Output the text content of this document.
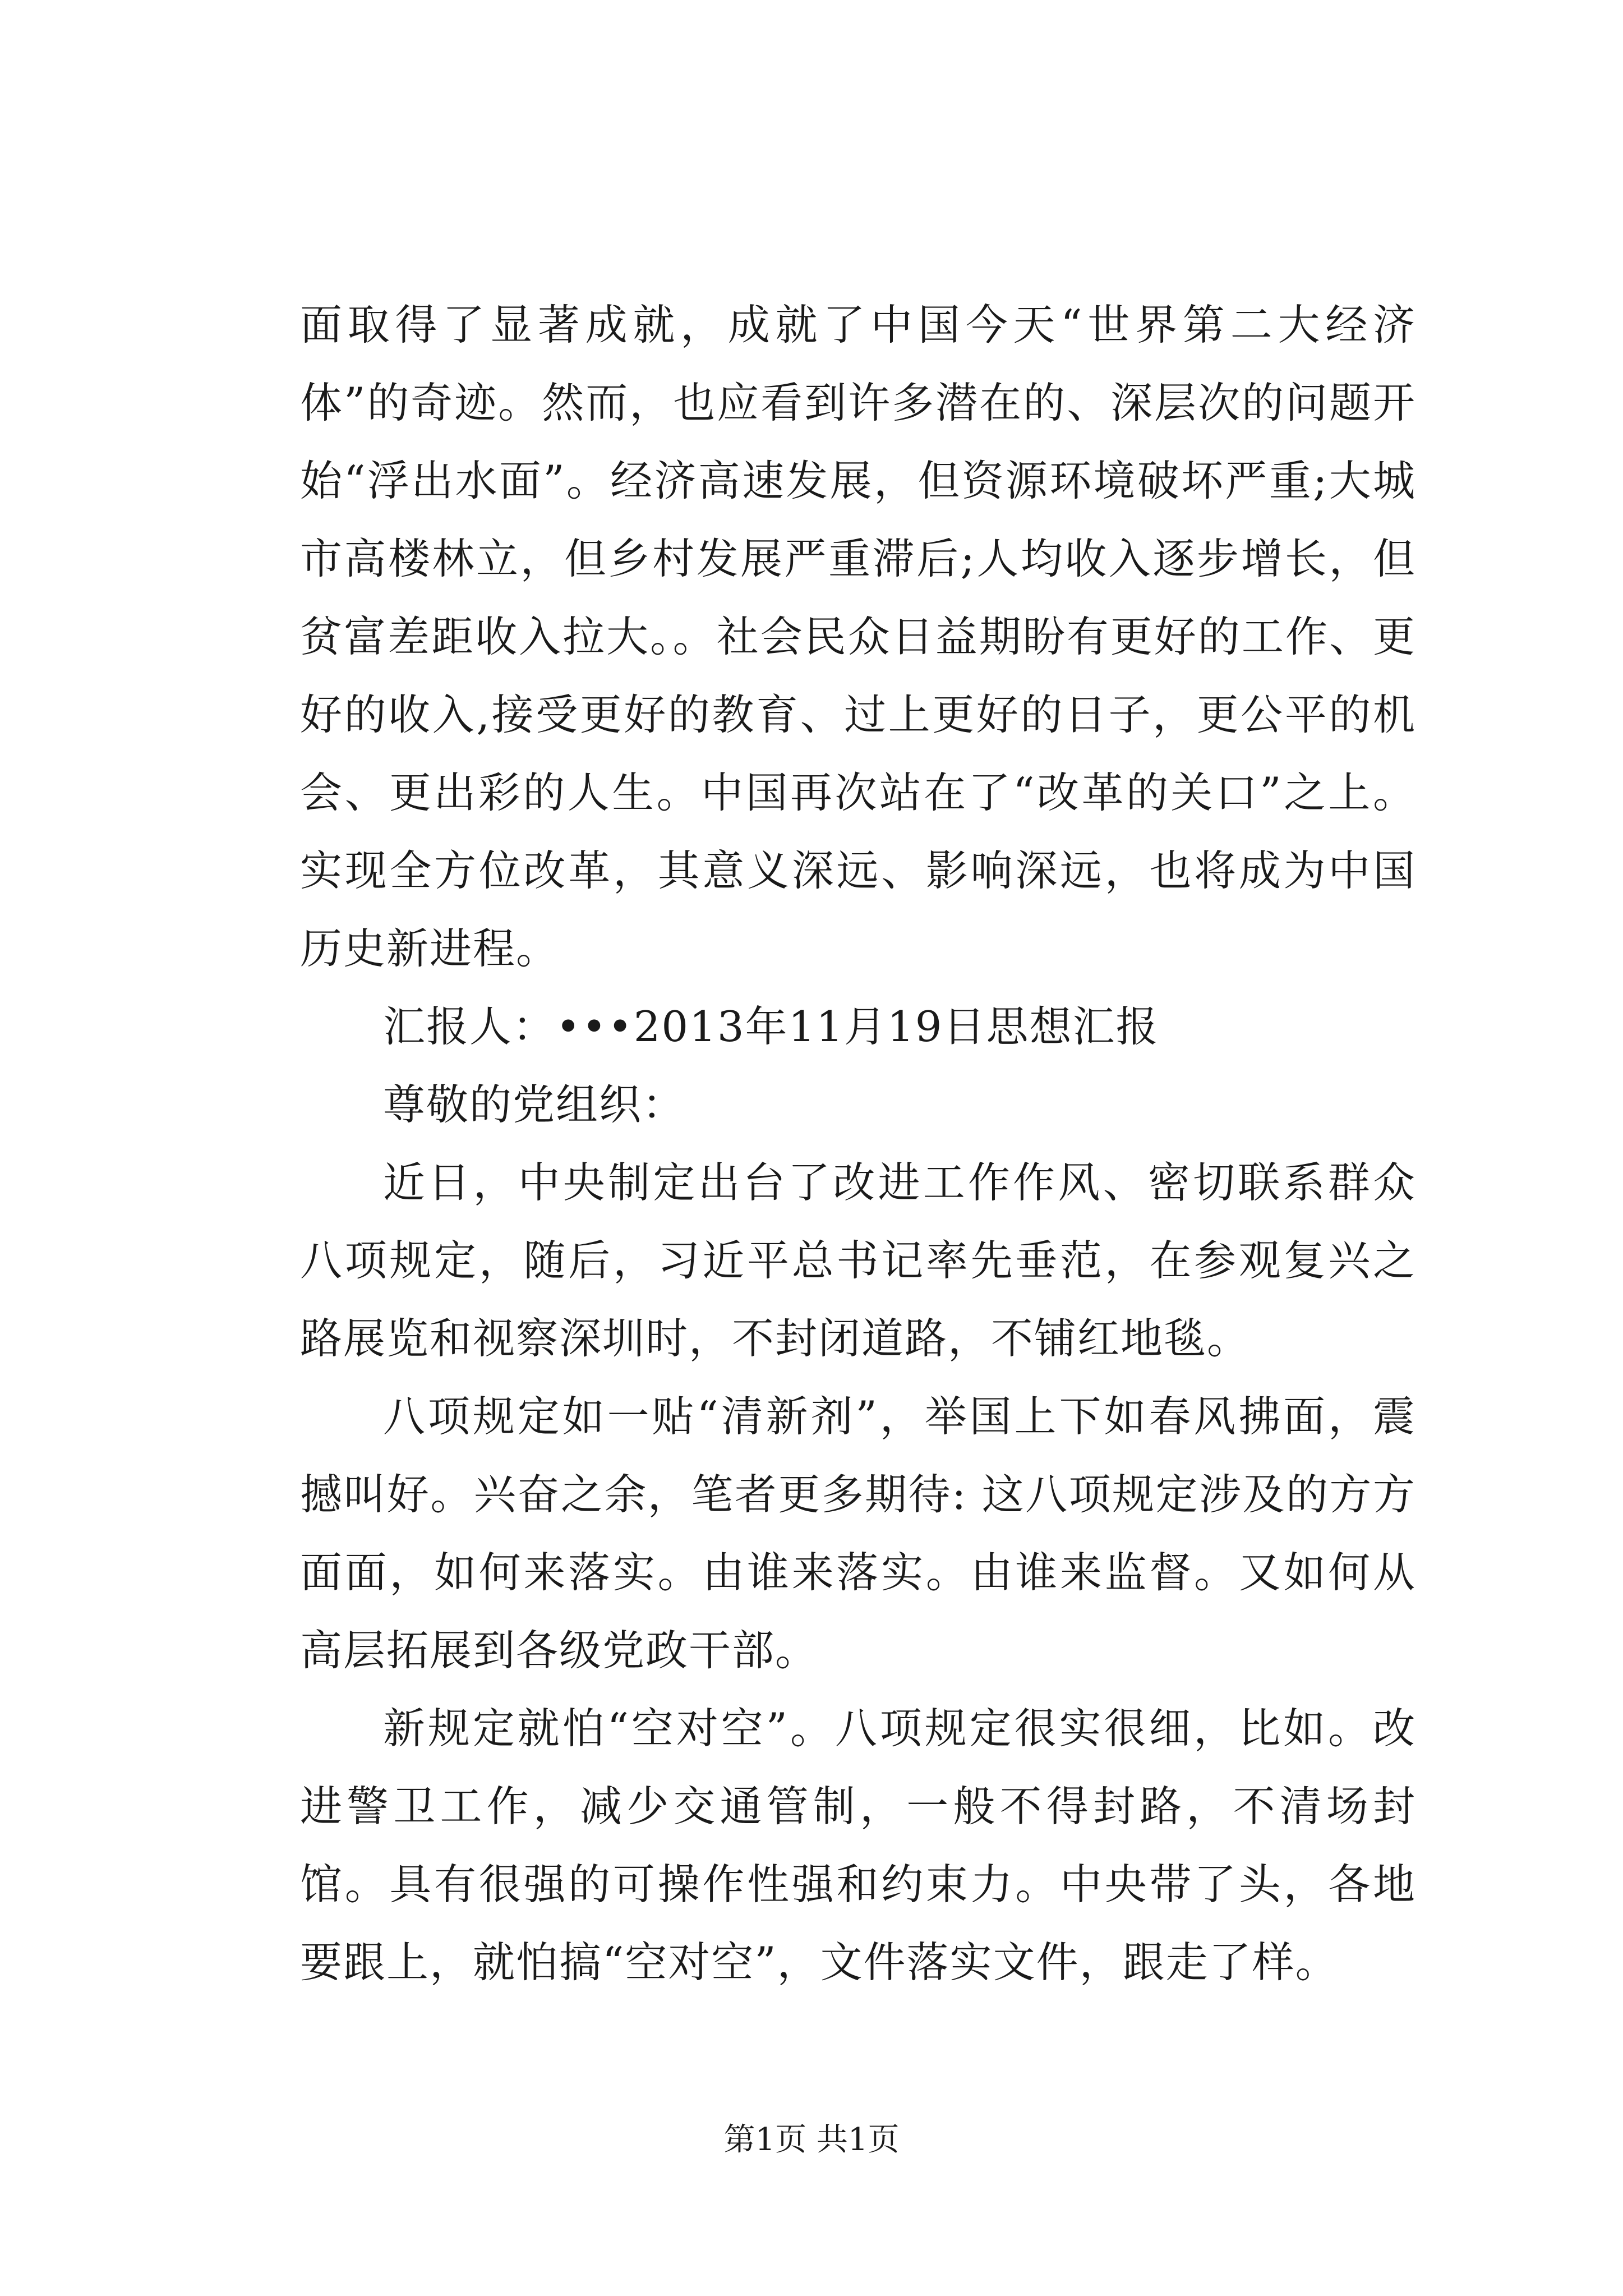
面取得了显著成就，成就了中国今天“世界第二大经济体”的奇迹。然而，也应看到许多潜在的、深层次的问题开始“浮出水面”。经济高速发展，但资源环境破坏严重;大城市高楼林立，但乡村发展严重滞后;人均收入逐步增长，但贫富差距收入拉大。。社会民众日益期盼有更好的工作、更好的收入,接受更好的教育、过上更好的日子，更公平的机会、更出彩的人生。中国再次站在了“改革的关口”之上。实现全方位改革，其意义深远、影响深远，也将成为中国历史新进程。

汇报人：•••2013年11月19日思想汇报

尊敬的党组织：

近日，中央制定出台了改进工作作风、密切联系群众八项规定，随后，习近平总书记率先垂范，在参观复兴之路展览和视察深圳时，不封闭道路，不铺红地毯。

八项规定如一贴“清新剂”，举国上下如春风拂面，震撼叫好。兴奋之余，笔者更多期待: 这八项规定涉及的方方面面，如何来落实。由谁来落实。由谁来监督。又如何从高层拓展到各级党政干部。

新规定就怕“空对空”。八项规定很实很细，比如。改进警卫工作，减少交通管制，一般不得封路，不清场封馆。具有很强的可操作性强和约束力。中央带了头，各地要跟上，就怕搞“空对空”，文件落实文件，跟走了样。

第1页 共1页
